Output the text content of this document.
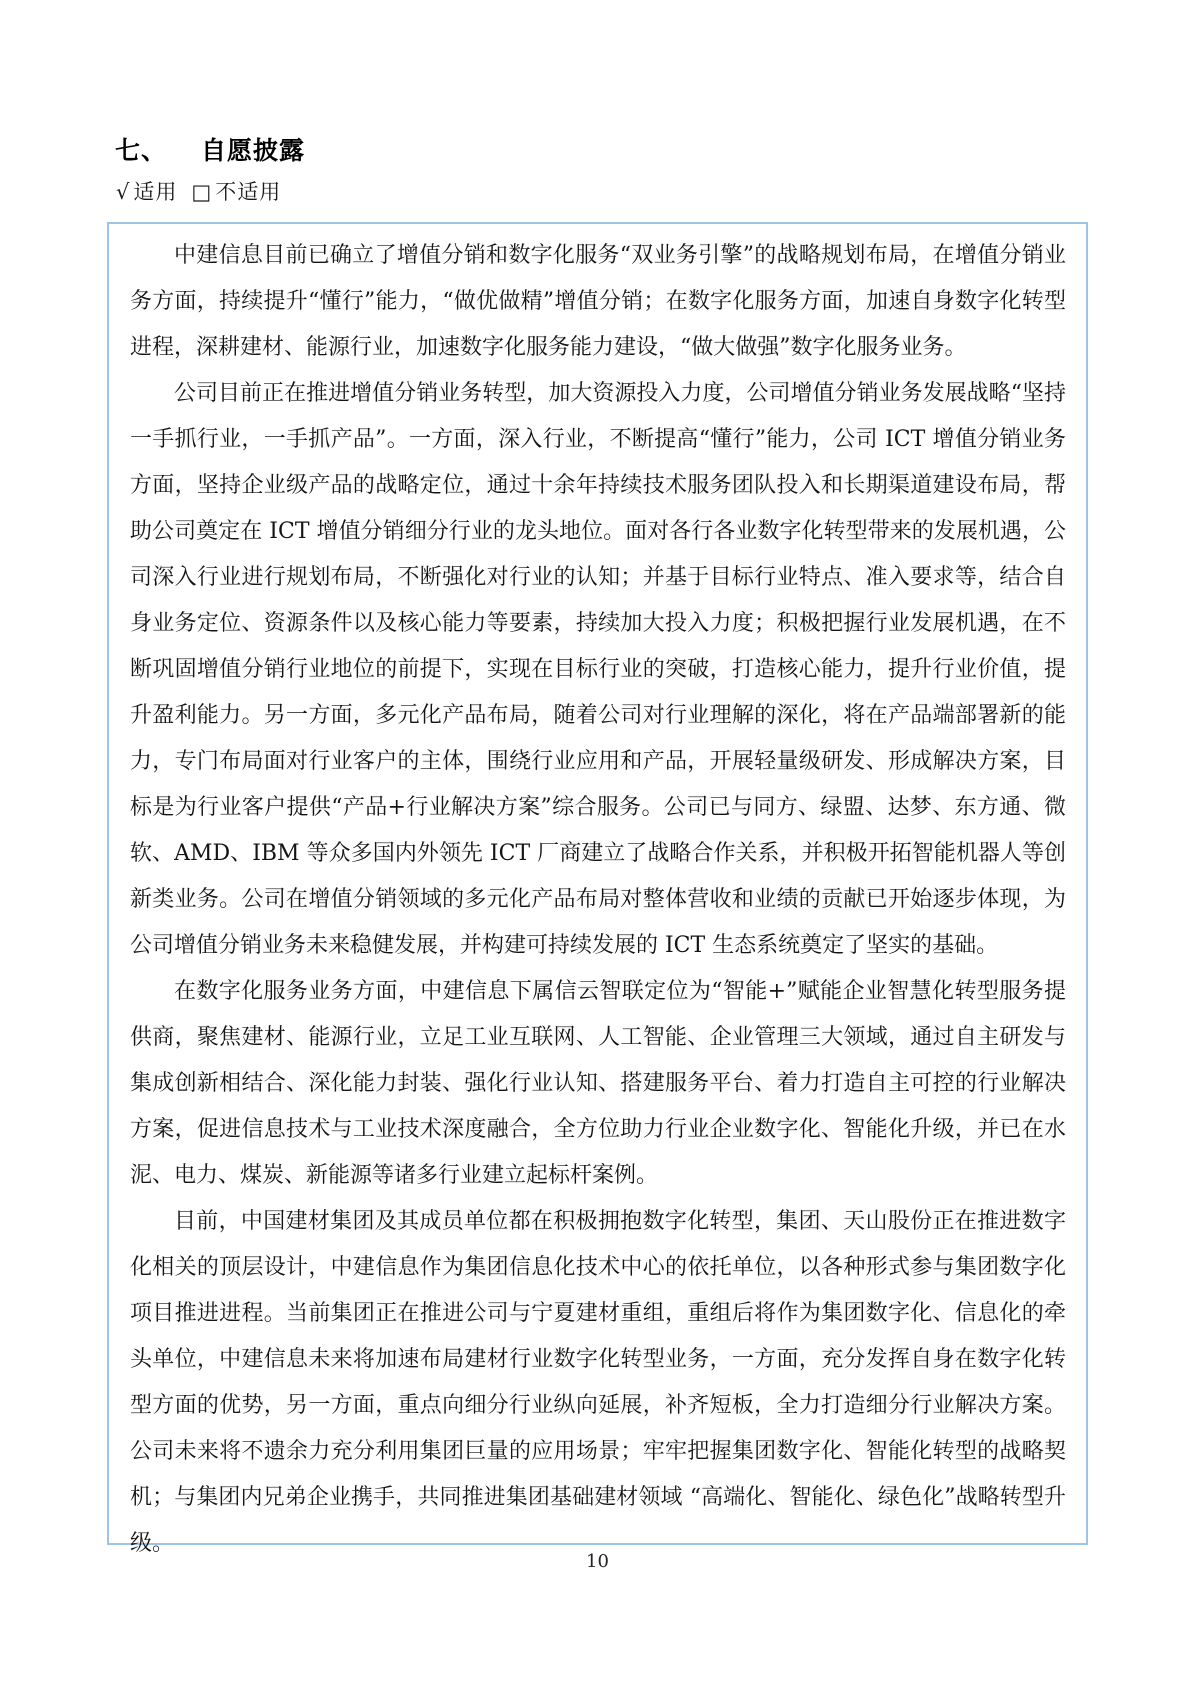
七、 自愿披露
√ 适用 □ 不适用

中建信息目前已确立了增值分销和数字化服务“双业务引擎”的战略规划布局，在增值分销业务方面，持续提升“懂行”能力，“做优做精”增值分销；在数字化服务方面，加速自身数字化转型进程，深耕建材、能源行业，加速数字化服务能力建设，“做大做强”数字化服务业务。

公司目前正在推进增值分销业务转型，加大资源投入力度，公司增值分销业务发展战略“坚持一手抓行业，一手抓产品”。一方面，深入行业，不断提高“懂行”能力，公司 ICT 增值分销业务方面，坚持企业级产品的战略定位，通过十余年持续技术服务团队投入和长期渠道建设布局，帮助公司奠定在 ICT 增值分销细分行业的龙头地位。面对各行各业数字化转型带来的发展机遇，公司深入行业进行规划布局，不断强化对行业的认知；并基于目标行业特点、准入要求等，结合自身业务定位、资源条件以及核心能力等要素，持续加大投入力度；积极把握行业发展机遇，在不断巩固增值分销行业地位的前提下，实现在目标行业的突破，打造核心能力，提升行业价值，提升盈利能力。另一方面，多元化产品布局，随着公司对行业理解的深化，将在产品端部署新的能力，专门布局面对行业客户的主体，围绕行业应用和产品，开展轻量级研发、形成解决方案，目标是为行业客户提供“产品+行业解决方案”综合服务。公司已与同方、绿盟、达梦、东方通、微软、AMD、IBM 等众多国内外领先 ICT 厂商建立了战略合作关系，并积极开拓智能机器人等创新类业务。公司在增值分销领域的多元化产品布局对整体营收和业绩的贡献已开始逐步体现，为公司增值分销业务未来稳健发展，并构建可持续发展的 ICT 生态系统奠定了坚实的基础。

在数字化服务业务方面，中建信息下属信云智联定位为“智能+”赋能企业智慧化转型服务提供商，聚焦建材、能源行业，立足工业互联网、人工智能、企业管理三大领域，通过自主研发与集成创新相结合、深化能力封装、强化行业认知、搭建服务平台、着力打造自主可控的行业解决方案，促进信息技术与工业技术深度融合，全方位助力行业企业数字化、智能化升级，并已在水泥、电力、煤炭、新能源等诸多行业建立起标杆案例。

目前，中国建材集团及其成员单位都在积极拥抱数字化转型，集团、天山股份正在推进数字化相关的顶层设计，中建信息作为集团信息化技术中心的依托单位，以各种形式参与集团数字化项目推进进程。当前集团正在推进公司与宁夏建材重组，重组后将作为集团数字化、信息化的牵头单位，中建信息未来将加速布局建材行业数字化转型业务，一方面，充分发挥自身在数字化转型方面的优势，另一方面，重点向细分行业纵向延展，补齐短板，全力打造细分行业解决方案。公司未来将不遗余力充分利用集团巨量的应用场景；牢牢把握集团数字化、智能化转型的战略契机；与集团内兄弟企业携手，共同推进集团基础建材领域 “高端化、智能化、绿色化”战略转型升级。

10
